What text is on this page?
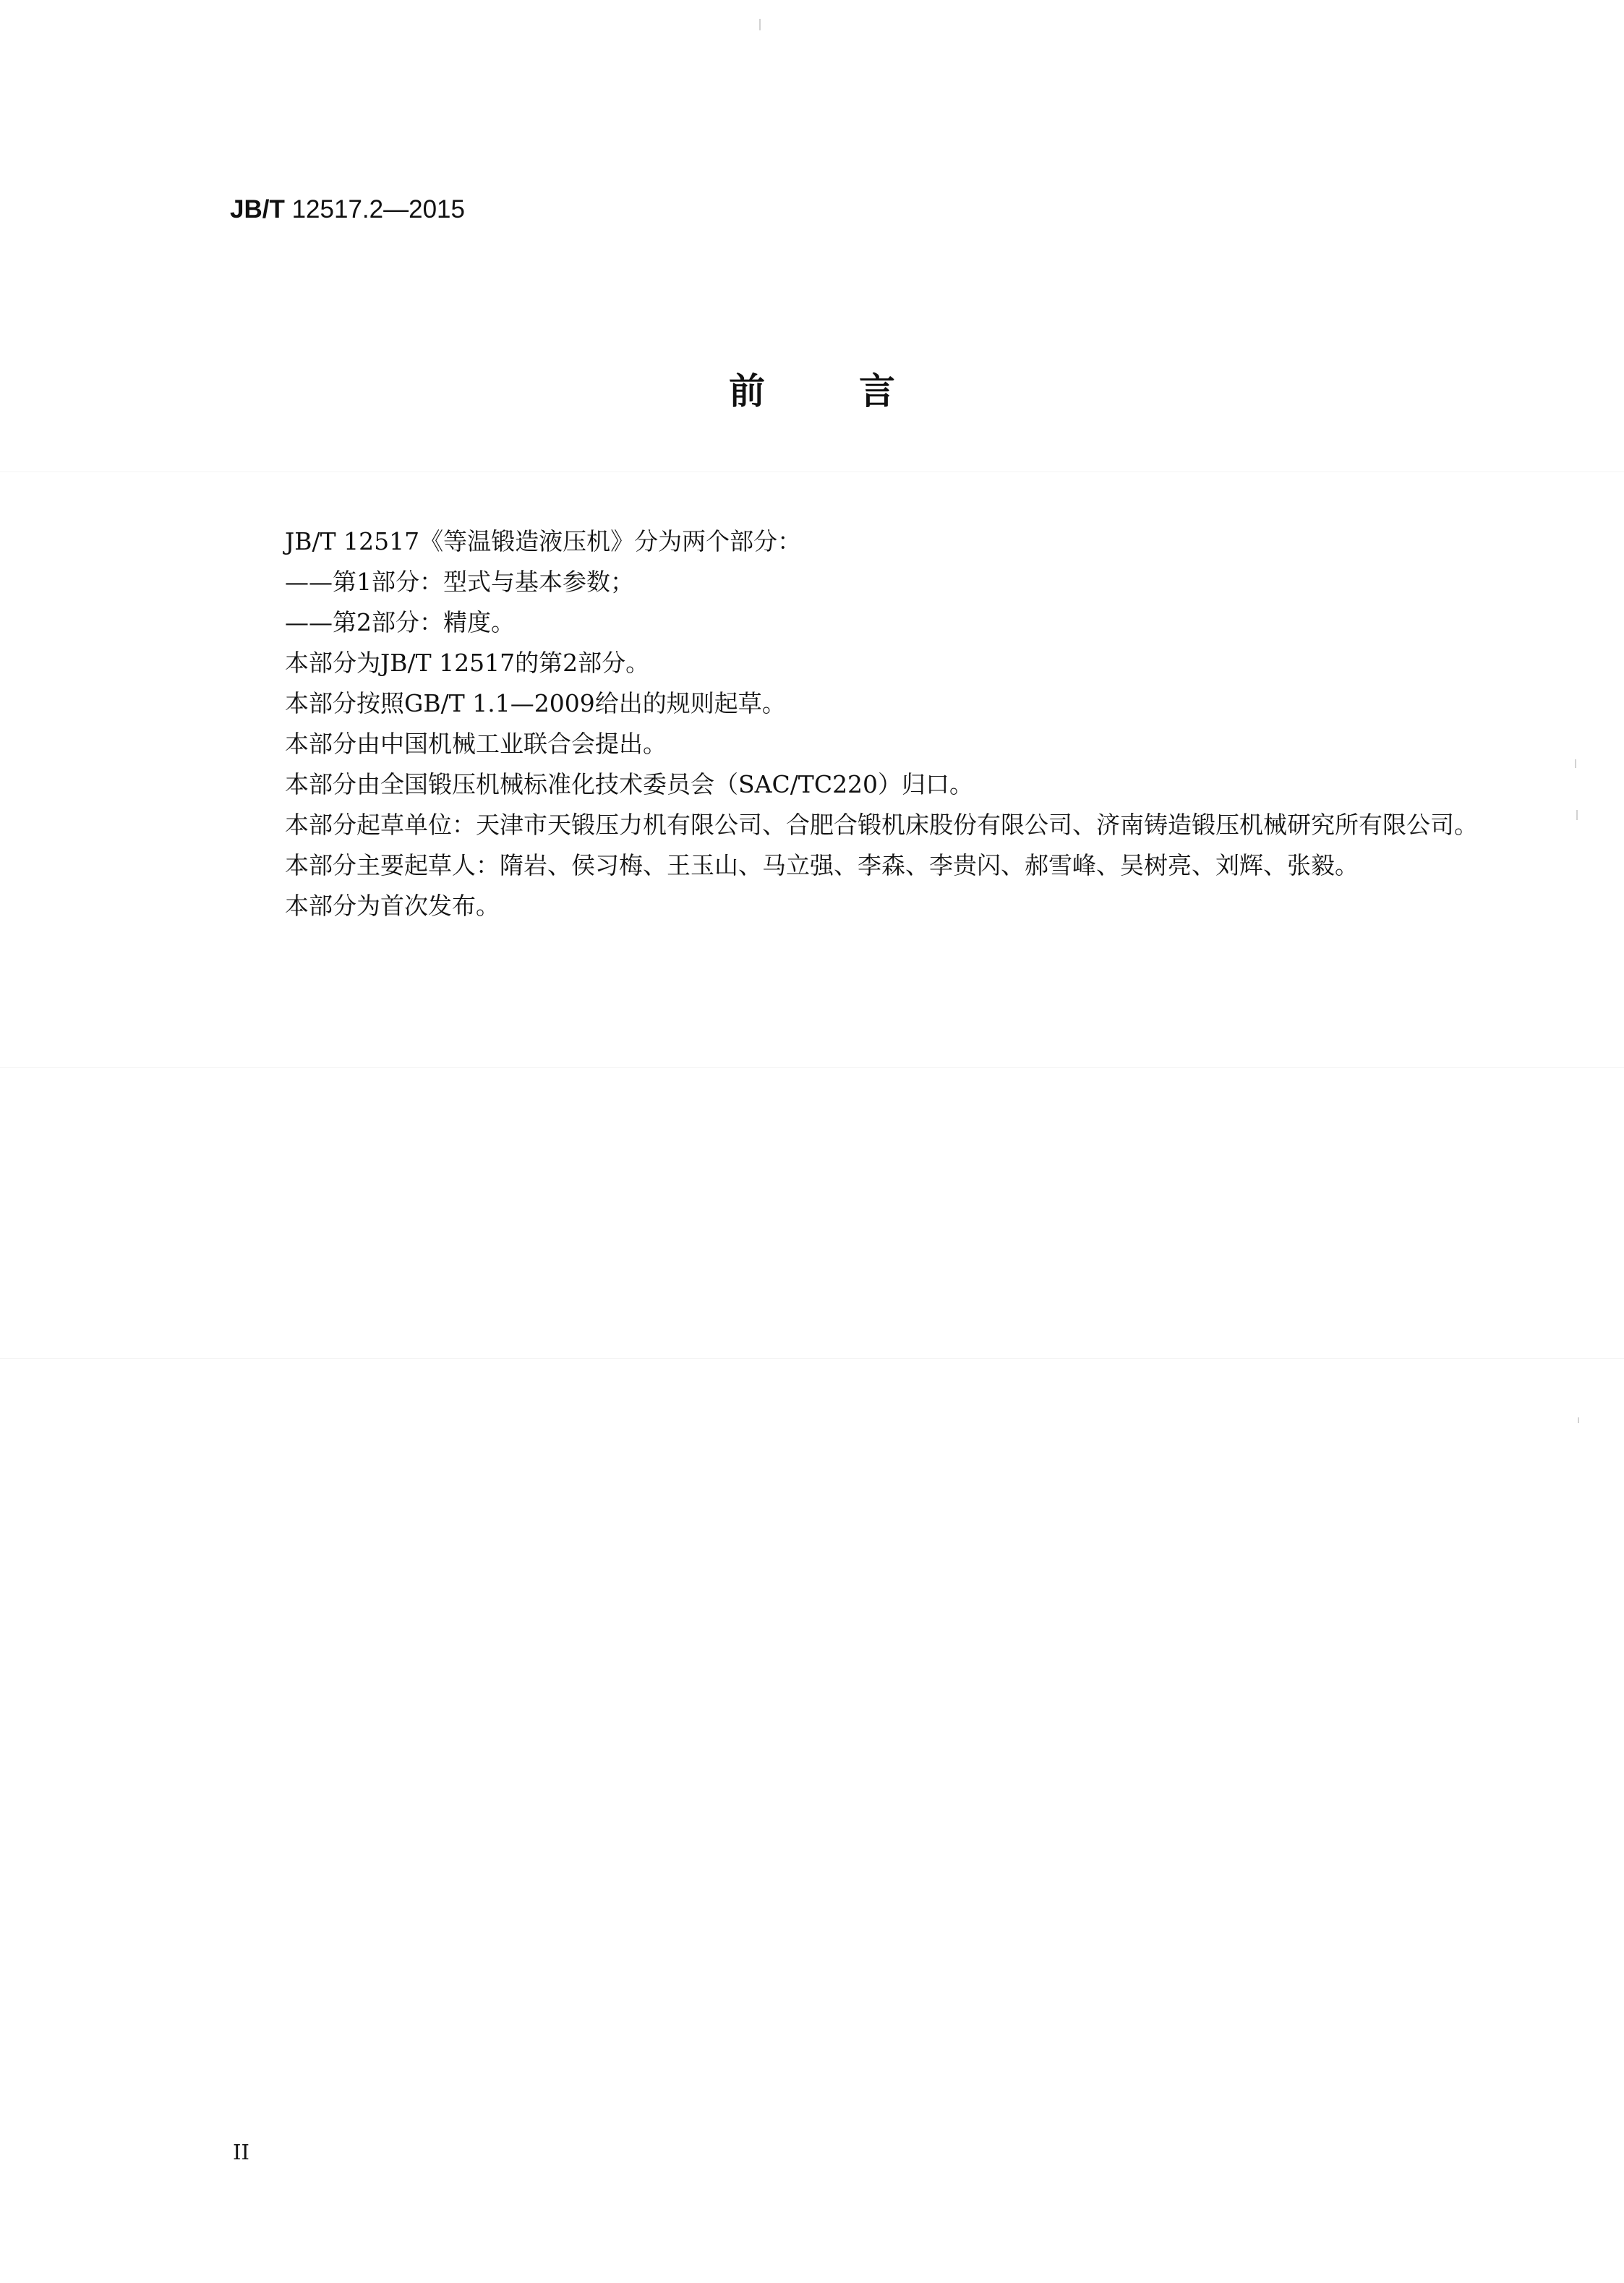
JB/T 12517.2—2015
前言

JB/T 12517《等温锻造液压机》分为两个部分：

——第1部分：型式与基本参数；

——第2部分：精度。

本部分为JB/T 12517的第2部分。

本部分按照GB/T 1.1—2009给出的规则起草。

本部分由中国机械工业联合会提出。

本部分由全国锻压机械标准化技术委员会（SAC/TC220）归口。

本部分起草单位：天津市天锻压力机有限公司、合肥合锻机床股份有限公司、济南铸造锻压机械研究所有限公司。

本部分主要起草人：隋岩、侯习梅、王玉山、马立强、李森、李贵闪、郝雪峰、吴树亮、刘辉、张毅。

本部分为首次发布。

II
